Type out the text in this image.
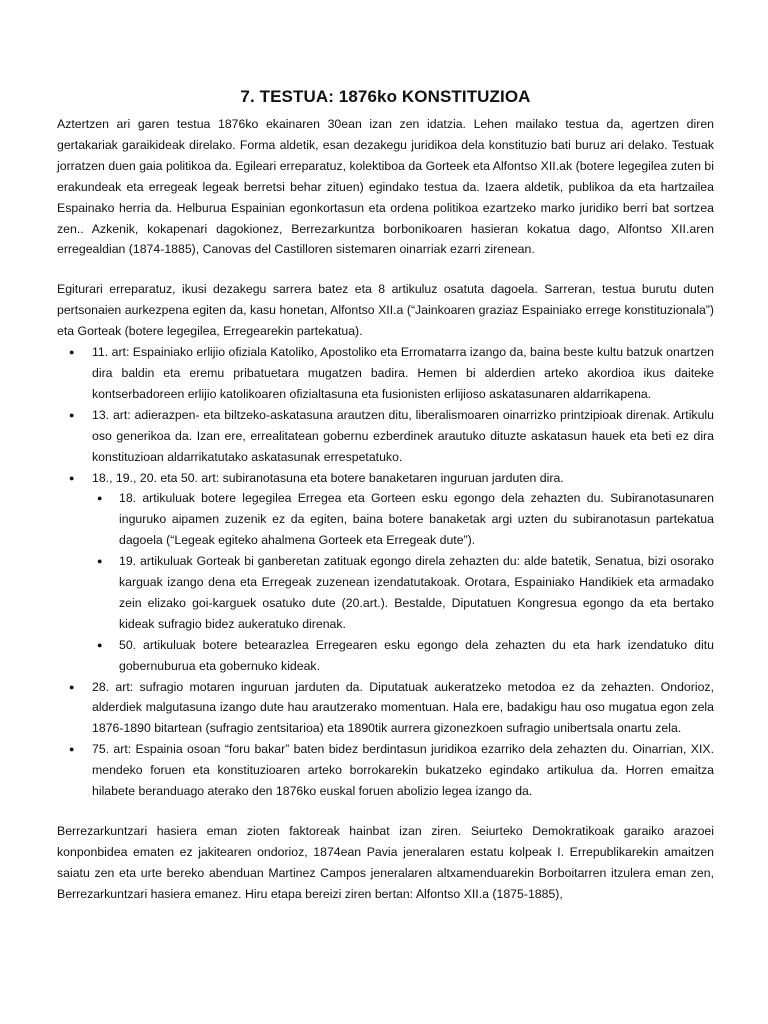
7. TESTUA: 1876ko KONSTITUZIOA

Aztertzen ari garen testua 1876ko ekainaren 30ean izan zen idatzia. Lehen mailako testua da, agertzen diren gertakariak garaikideak direlako. Forma aldetik, esan dezakegu juridikoa dela konstituzio bati buruz ari delako. Testuak jorratzen duen gaia politikoa da. Egileari erreparatuz, kolektiboa da Gorteek eta Alfontso XII.ak (botere legegilea zuten bi erakundeak eta erregeak legeak berretsi behar zituen) egindako testua da. Izaera aldetik, publikoa da eta hartzailea Espainako herria da. Helburua Espainian egonkortasun eta ordena politikoa ezartzeko marko juridiko berri bat sortzea zen.. Azkenik, kokapenari dagokionez, Berrezarkuntza borbonikoaren hasieran kokatua dago, Alfontso XII.aren erregealdian (1874-1885), Canovas del Castilloren sistemaren oinarriak ezarri zirenean.

Egiturari erreparatuz, ikusi dezakegu sarrera batez eta 8 artikuluz osatuta dagoela. Sarreran, testua burutu duten pertsonaien aurkezpena egiten da, kasu honetan, Alfontso XII.a (“Jainkoaren graziaz Espainiako errege konstituzionala”) eta Gorteak (botere legegilea, Erregearekin partekatua).

● 11. art: Espainiako erlijio ofiziala Katoliko, Apostoliko eta Erromatarra izango da, baina beste kultu batzuk onartzen dira baldin eta eremu pribatuetara mugatzen badira. Hemen bi alderdien arteko akordioa ikus daiteke kontserbadoreen erlijio katolikoaren ofizialtasuna eta fusionisten erlijioso askatasunaren aldarrikapena.
● 13. art: adierazpen- eta biltzeko-askatasuna arautzen ditu, liberalismoaren oinarrizko printzipioak direnak. Artikulu oso generikoa da. Izan ere, errealitatean gobernu ezberdinek arautuko dituzte askatasun hauek eta beti ez dira konstituzioan aldarrikatutako askatasunak errespetatuko.
● 18., 19., 20. eta 50. art: subiranotasuna eta botere banaketaren inguruan jarduten dira.
● 18. artikuluak botere legegilea Erregea eta Gorteen esku egongo dela zehazten du. Subiranotasunaren inguruko aipamen zuzenik ez da egiten, baina botere banaketak argi uzten du subiranotasun partekatua dagoela (“Legeak egiteko ahalmena Gorteek eta Erregeak dute”).
● 19. artikuluak Gorteak bi ganberetan zatituak egongo direla zehazten du: alde batetik, Senatua, bizi osorako karguak izango dena eta Erregeak zuzenean izendatutakoak. Orotara, Espainiako Handikiek eta armadako zein elizako goi-karguek osatuko dute (20.art.). Bestalde, Diputatuen Kongresua egongo da eta bertako kideak sufragio bidez aukeratuko direnak.
● 50. artikuluak botere betearazlea Erregearen esku egongo dela zehazten du eta hark izendatuko ditu gobernuburua eta gobernuko kideak.
● 28. art: sufragio motaren inguruan jarduten da. Diputatuak aukeratzeko metodoa ez da zehazten. Ondorioz, alderdiek malgutasuna izango dute hau arautzerako momentuan. Hala ere, badakigu hau oso mugatua egon zela 1876-1890 bitartean (sufragio zentsitarioa) eta 1890tik aurrera gizonezkoen sufragio unibertsala onartu zela.
● 75. art: Espainia osoan “foru bakar” baten bidez berdintasun juridikoa ezarriko dela zehazten du. Oinarrian, XIX. mendeko foruen eta konstituzioaren arteko borrokarekin bukatzeko egindako artikulua da. Horren emaitza hilabete beranduago aterako den 1876ko euskal foruen abolizio legea izango da.

Berrezarkuntzari hasiera eman zioten faktoreak hainbat izan ziren. Seiurteko Demokratikoak garaiko arazoei konponbidea ematen ez jakitearen ondorioz, 1874ean Pavia jeneralaren estatu kolpeak I. Errepublikarekin amaitzen saiatu zen eta urte bereko abenduan Martinez Campos jeneralaren altxamenduarekin Borboitarren itzulera eman zen, Berrezarkuntzari hasiera emanez. Hiru etapa bereizi ziren bertan: Alfontso XII.a (1875-1885),
